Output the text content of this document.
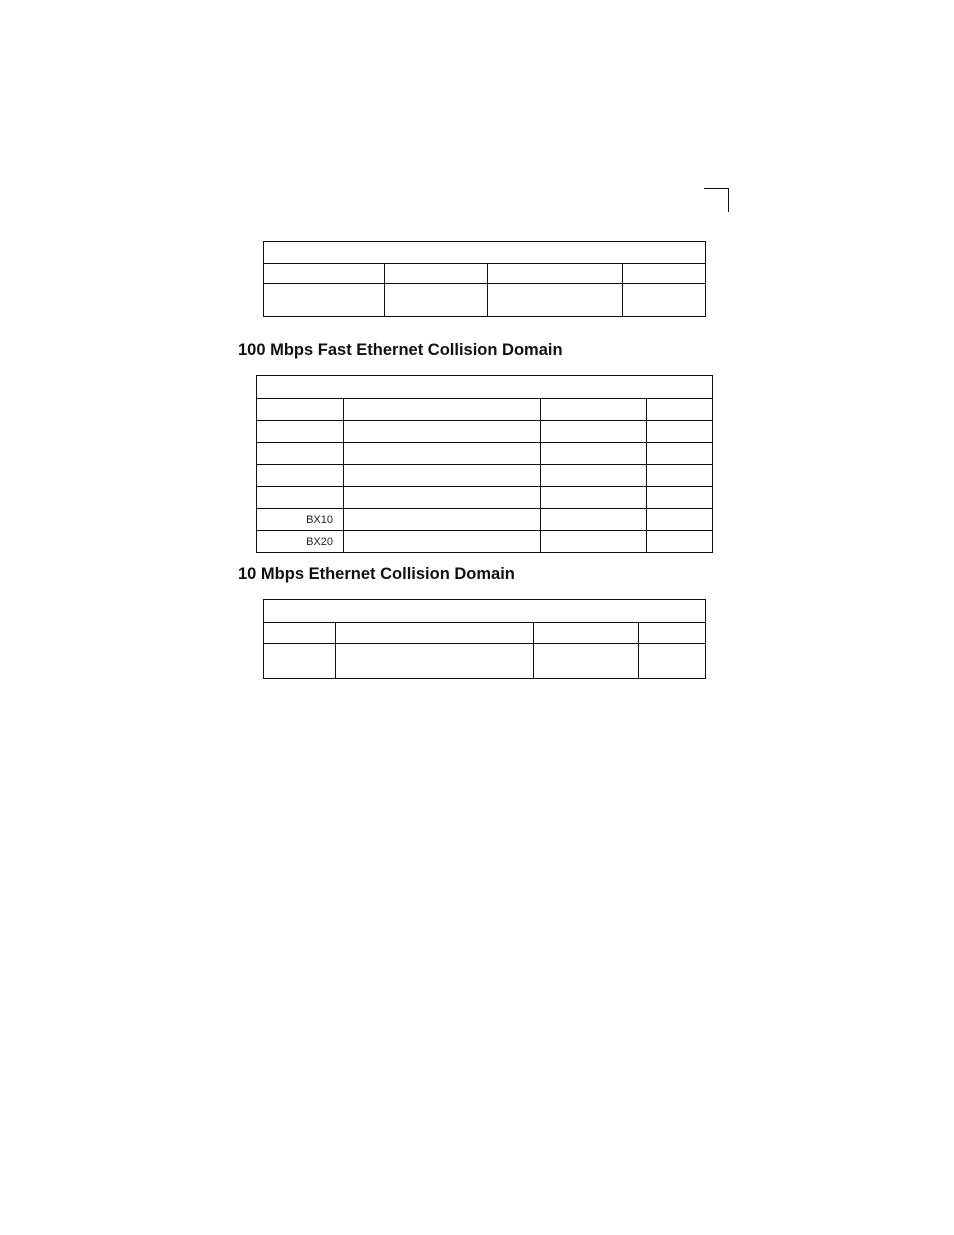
100 Mbps Fast Ethernet Collision Domain

BX10			
BX20			
10 Mbps Ethernet Collision Domain
